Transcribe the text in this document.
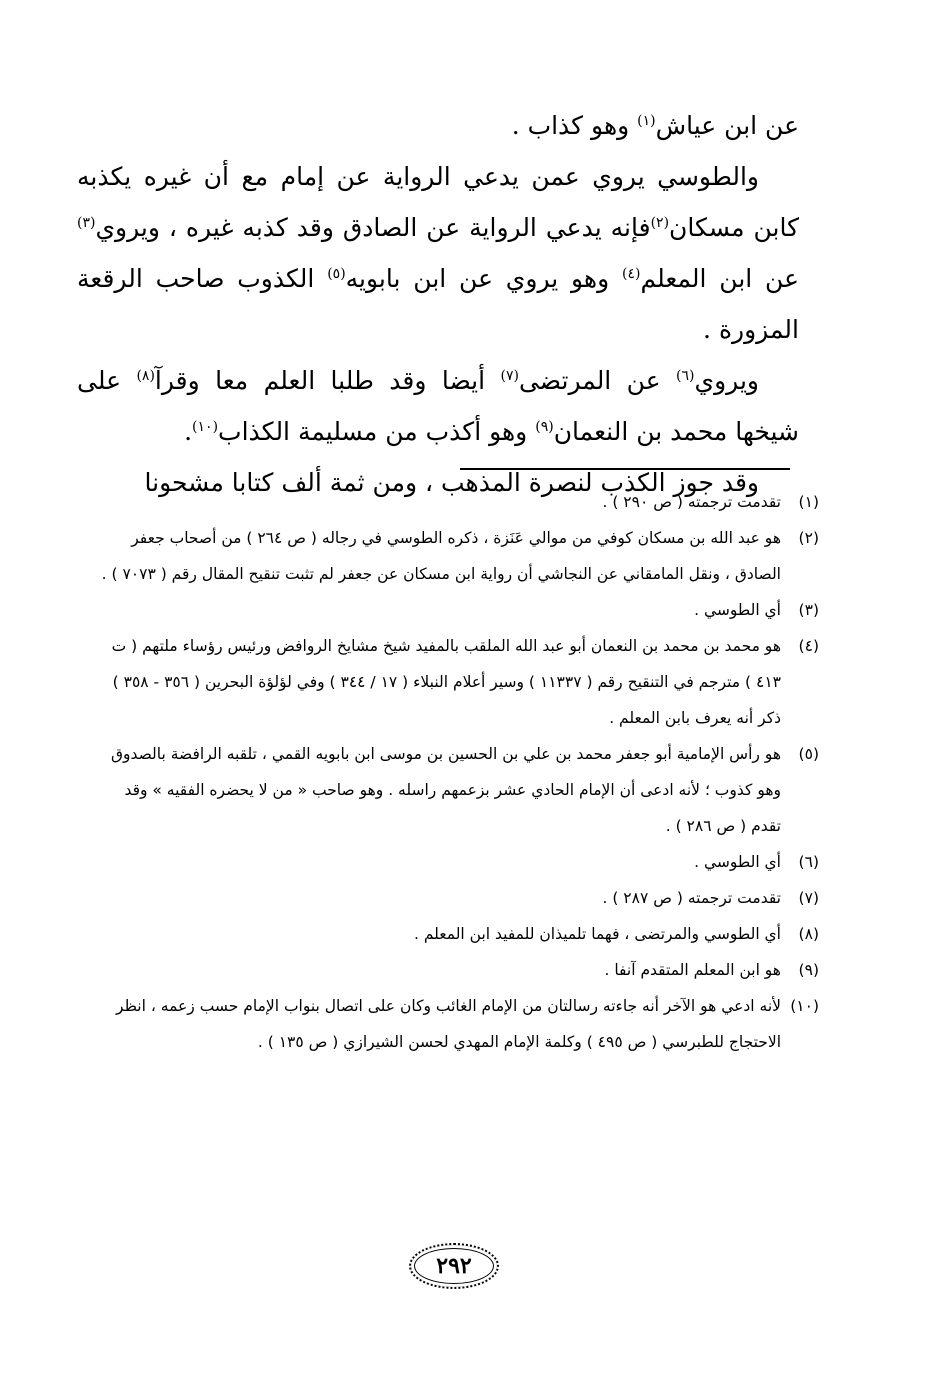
عن ابن عياش$^{(١)}$ وهو كذاب .

والطوسي يروي عمن يدعي الرواية عن إمام مع أن غيره يكذبه كابن مسكان$^{(٢)}$فإنه يدعي الرواية عن الصادق وقد كذبه غيره ، ويروي$^{(٣)}$ عن ابن المعلم$^{(٤)}$ وهو يروي عن ابن بابويه$^{(٥)}$ الكذوب صاحب الرقعة المزورة .

ويروي$^{(٦)}$ عن المرتضى$^{(٧)}$ أيضا وقد طلبا العلم معا وقرآ$^{(٨)}$ على شيخها محمد بن النعمان$^{(٩)}$ وهو أكذب من مسليمة الكذاب$^{(١٠)}$.

وقد جوز الكذب لنصرة المذهب ، ومن ثمة ألف كتابا مشحونا

(١)
تقدمت ترجمته ( ص ٢٩٠ ) .

(٢)
هو عبد الله بن مسكان كوفي من موالي عَنَزة ، ذكره الطوسي في رجاله ( ص ٢٦٤ ) من أصحاب جعفر الصادق ، ونقل المامقاني عن النجاشي أن رواية ابن مسكان عن جعفر لم تثبت تنقيح المقال رقم ( ٧٠٧٣ ) .

(٣)
أي الطوسي .

(٤)
هو محمد بن محمد بن النعمان أبو عبد الله الملقب بالمفيد شيخ مشايخ الروافض ورئيس رؤساء ملتهم ( ت ٤١٣ ) مترجم في التنقيح رقم ( ١١٣٣٧ ) وسير أعلام النبلاء ( ١٧ / ٣٤٤ ) وفي لؤلؤة البحرين ( ٣٥٦ - ٣٥٨ ) ذكر أنه يعرف بابن المعلم .

(٥)
هو رأس الإمامية أبو جعفر محمد بن علي بن الحسين بن موسى ابن بابويه القمي ، تلقبه الرافضة بالصدوق وهو كذوب ؛ لأنه ادعى أن الإمام الحادي عشر بزعمهم راسله . وهو صاحب « من لا يحضره الفقيه » وقد تقدم ( ص ٢٨٦ ) .

(٦)
أي الطوسي .

(٧)
تقدمت ترجمته ( ص ٢٨٧ ) .

(٨)
أي الطوسي والمرتضى ، فهما تلميذان للمفيد ابن المعلم .

(٩)
هو ابن المعلم المتقدم آنفا .

(١٠)
لأنه ادعي هو الآخر أنه جاءته رسالتان من الإمام الغائب وكان على اتصال بنواب الإمام حسب زعمه ، انظر الاحتجاج للطبرسي ( ص ٤٩٥ ) وكلمة الإمام المهدي لحسن الشيرازي ( ص ١٣٥ ) .

٢٩٢
